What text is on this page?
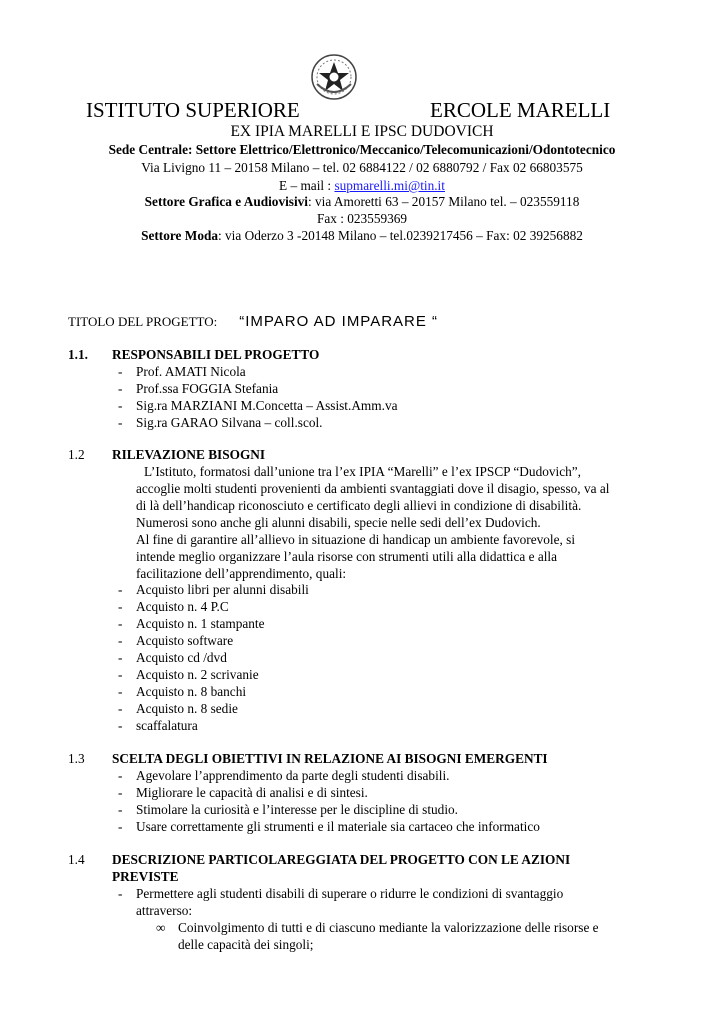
ISTITUTO SUPERIORE	ERCOLE MARELLI
EX IPIA MARELLI E IPSC DUDOVICH
Sede Centrale: Settore Elettrico/Elettronico/Meccanico/Telecomunicazioni/Odontotecnico
Via Livigno 11 – 20158 Milano – tel. 02 6884122 / 02 6880792 / Fax 02 66803575
E – mail : supmarelli.mi@tin.it
Settore Grafica e Audiovisivi: via Amoretti 63 – 20157 Milano tel. – 023559118
Fax : 023559369
Settore Moda: via Oderzo 3 -20148 Milano – tel.0239217456 – Fax: 02 39256882
TITOLO DEL PROGETTO: “IMPARO AD IMPARARE “
1.1. RESPONSABILI DEL PROGETTO
- Prof. AMATI Nicola
- Prof.ssa FOGGIA Stefania
- Sig.ra MARZIANI M.Concetta – Assist.Amm.va
- Sig.ra GARAO Silvana – coll.scol.
1.2 RILEVAZIONE BISOGNI

L’Istituto, formatosi dall’unione tra l’ex IPIA “Marelli” e l’ex IPSCP “Dudovich”,

accoglie molti studenti provenienti da ambienti svantaggiati dove il disagio, spesso, va al

di là dell’handicap riconosciuto e certificato degli allievi in condizione di disabilità.

Numerosi sono anche gli alunni disabili, specie nelle sedi dell’ex Dudovich.

Al fine di garantire all’allievo in situazione di handicap un ambiente favorevole, si

intende meglio organizzare l’aula risorse con strumenti utili alla didattica e alla

facilitazione dell’apprendimento, quali:

- Acquisto libri per alunni disabili
- Acquisto n. 4 P.C
- Acquisto n. 1 stampante
- Acquisto software
- Acquisto cd /dvd
- Acquisto n. 2 scrivanie
- Acquisto n. 8 banchi
- Acquisto n. 8 sedie
- scaffalatura
1.3 SCELTA DEGLI OBIETTIVI IN RELAZIONE AI BISOGNI EMERGENTI
- Agevolare l’apprendimento da parte degli studenti disabili.
- Migliorare le capacità di analisi e di sintesi.
- Stimolare la curiosità e l’interesse per le discipline di studio.
- Usare correttamente gli strumenti e il materiale sia cartaceo che informatico
1.4 DESCRIZIONE PARTICOLAREGGIATA DEL PROGETTO CON LE AZIONI
PREVISTE
- Permettere agli studenti disabili di superare o ridurre le condizioni di svantaggio
attraverso:
∞ Coinvolgimento di tutti e di ciascuno mediante la valorizzazione delle risorse e
delle capacità dei singoli;
